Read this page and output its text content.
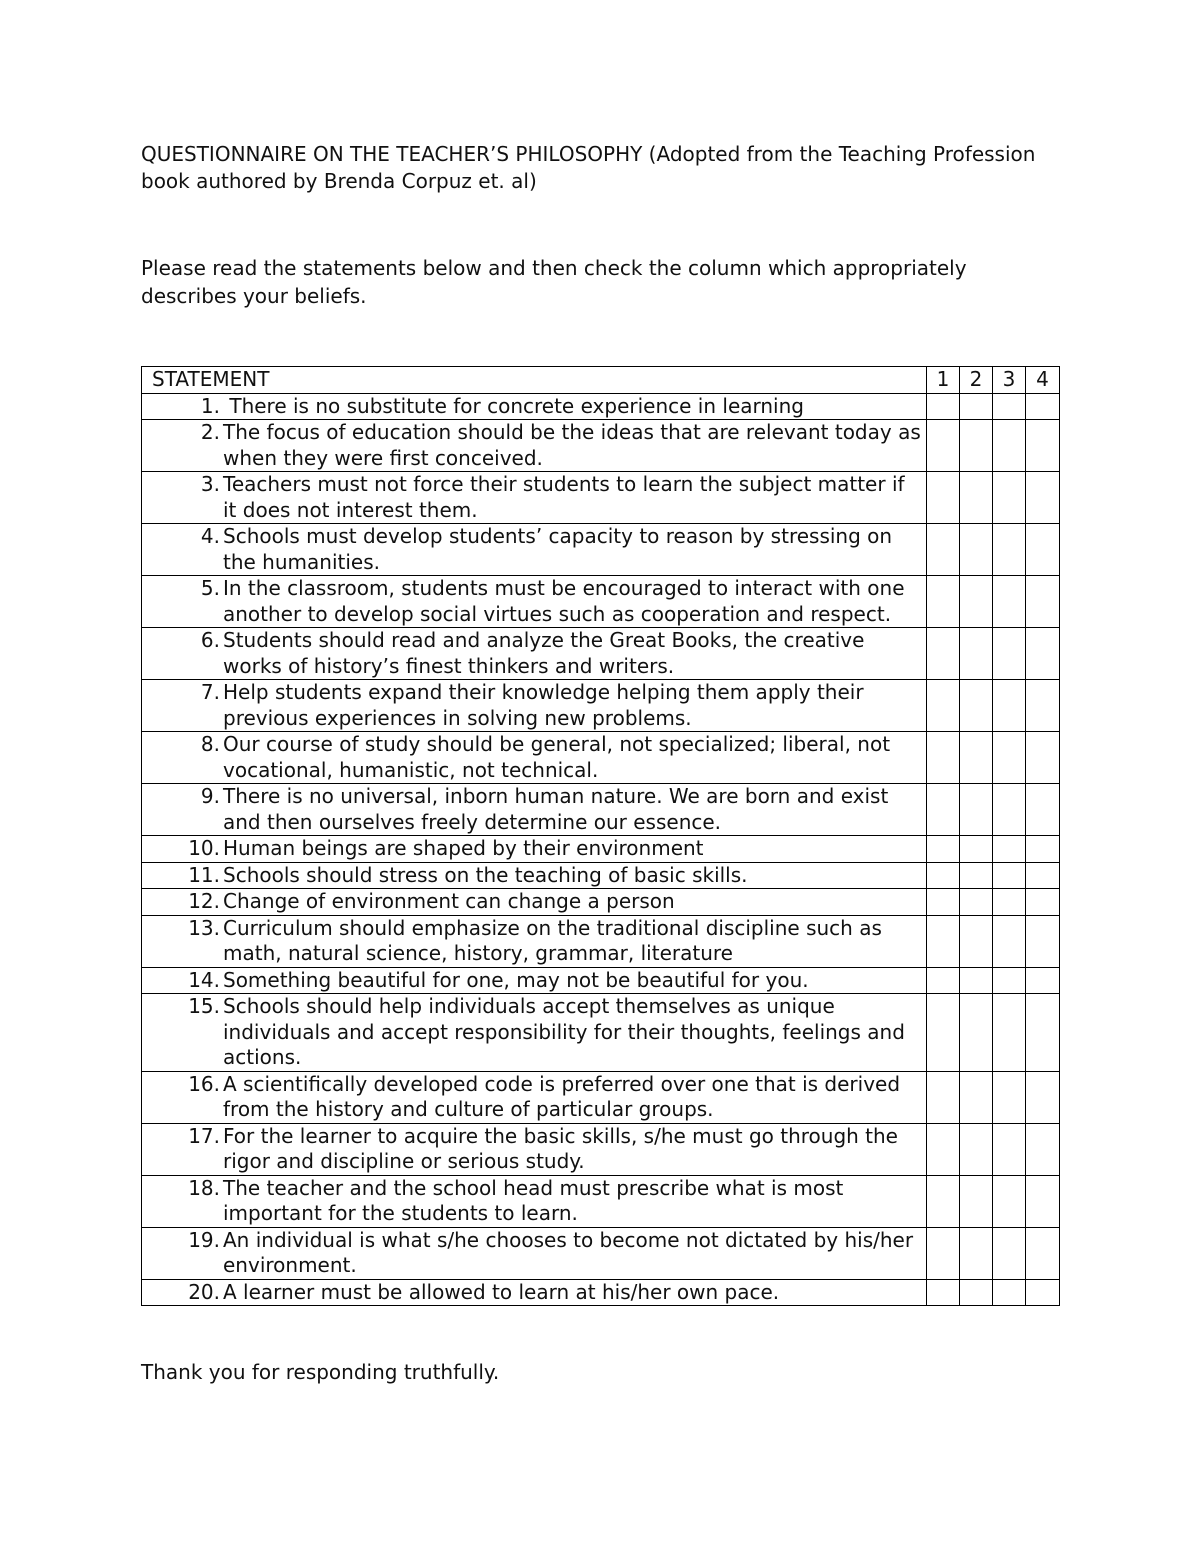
QUESTIONNAIRE ON THE TEACHER’S PHILOSOPHY (Adopted from the Teaching Profession book authored by Brenda Corpuz et. al)
Please read the statements below and then check the column which appropriately describes your beliefs.
STATEMENT	1	2	3	4

1. There is no substitute for concrete experience in learning				

2. The focus of education should be the ideas that are relevant today as when they were first conceived.				

3. Teachers must not force their students to learn the subject matter if it does not interest them.				

4. Schools must develop students’ capacity to reason by stressing on the humanities.				

5. In the classroom, students must be encouraged to interact with one another to develop social virtues such as cooperation and respect.				

6. Students should read and analyze the Great Books, the creative works of history’s finest thinkers and writers.				

7. Help students expand their knowledge helping them apply their previous experiences in solving new problems.				

8. Our course of study should be general, not specialized; liberal, not vocational, humanistic, not technical.				

9. There is no universal, inborn human nature. We are born and exist and then ourselves freely determine our essence.				

10. Human beings are shaped by their environment				

11. Schools should stress on the teaching of basic skills.				

12. Change of environment can change a person				

13. Curriculum should emphasize on the traditional discipline such as math, natural science, history, grammar, literature				

14. Something beautiful for one, may not be beautiful for you.				

15. Schools should help individuals accept themselves as unique individuals and accept responsibility for their thoughts, feelings and actions.				

16. A scientifically developed code is preferred over one that is derived  from the history and culture of particular groups.				

17. For the learner to acquire the basic skills, s/he must go through the rigor and discipline or serious study.				

18. The teacher and the school head must prescribe what is most important for the students to learn.				

19. An individual is what s/he chooses to become not dictated by his/her environment.				

20. A learner must be allowed to learn at his/her own pace.				
Thank you for responding truthfully.
